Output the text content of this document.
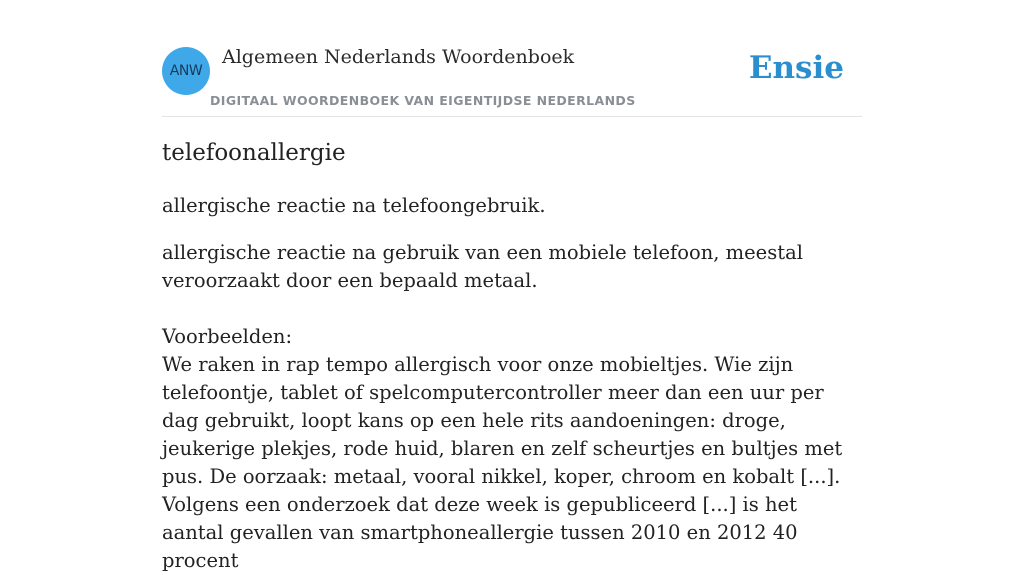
ANW
Algemeen Nederlands Woordenboek
DIGITAAL WOORDENBOEK VAN EIGENTIJDSE NEDERLANDS
Ensie
telefoonallergie

allergische reactie na telefoongebruik.

allergische reactie na gebruik van een mobiele telefoon, meestal veroorzaakt door een bepaald metaal.

Voorbeelden:

We raken in rap tempo allergisch voor onze mobieltjes. Wie zijn telefoontje, tablet of spelcomputercontroller meer dan een uur per dag gebruikt, loopt kans op een hele rits aandoeningen: droge, jeukerige plekjes, rode huid, blaren en zelf scheurtjes en bultjes met pus. De oorzaak: metaal, vooral nikkel, koper, chroom en kobalt [...]. Volgens een onderzoek dat deze week is gepubliceerd [...] is het aantal gevallen van smartphoneallergie tussen 2010 en 2012 40 procent
